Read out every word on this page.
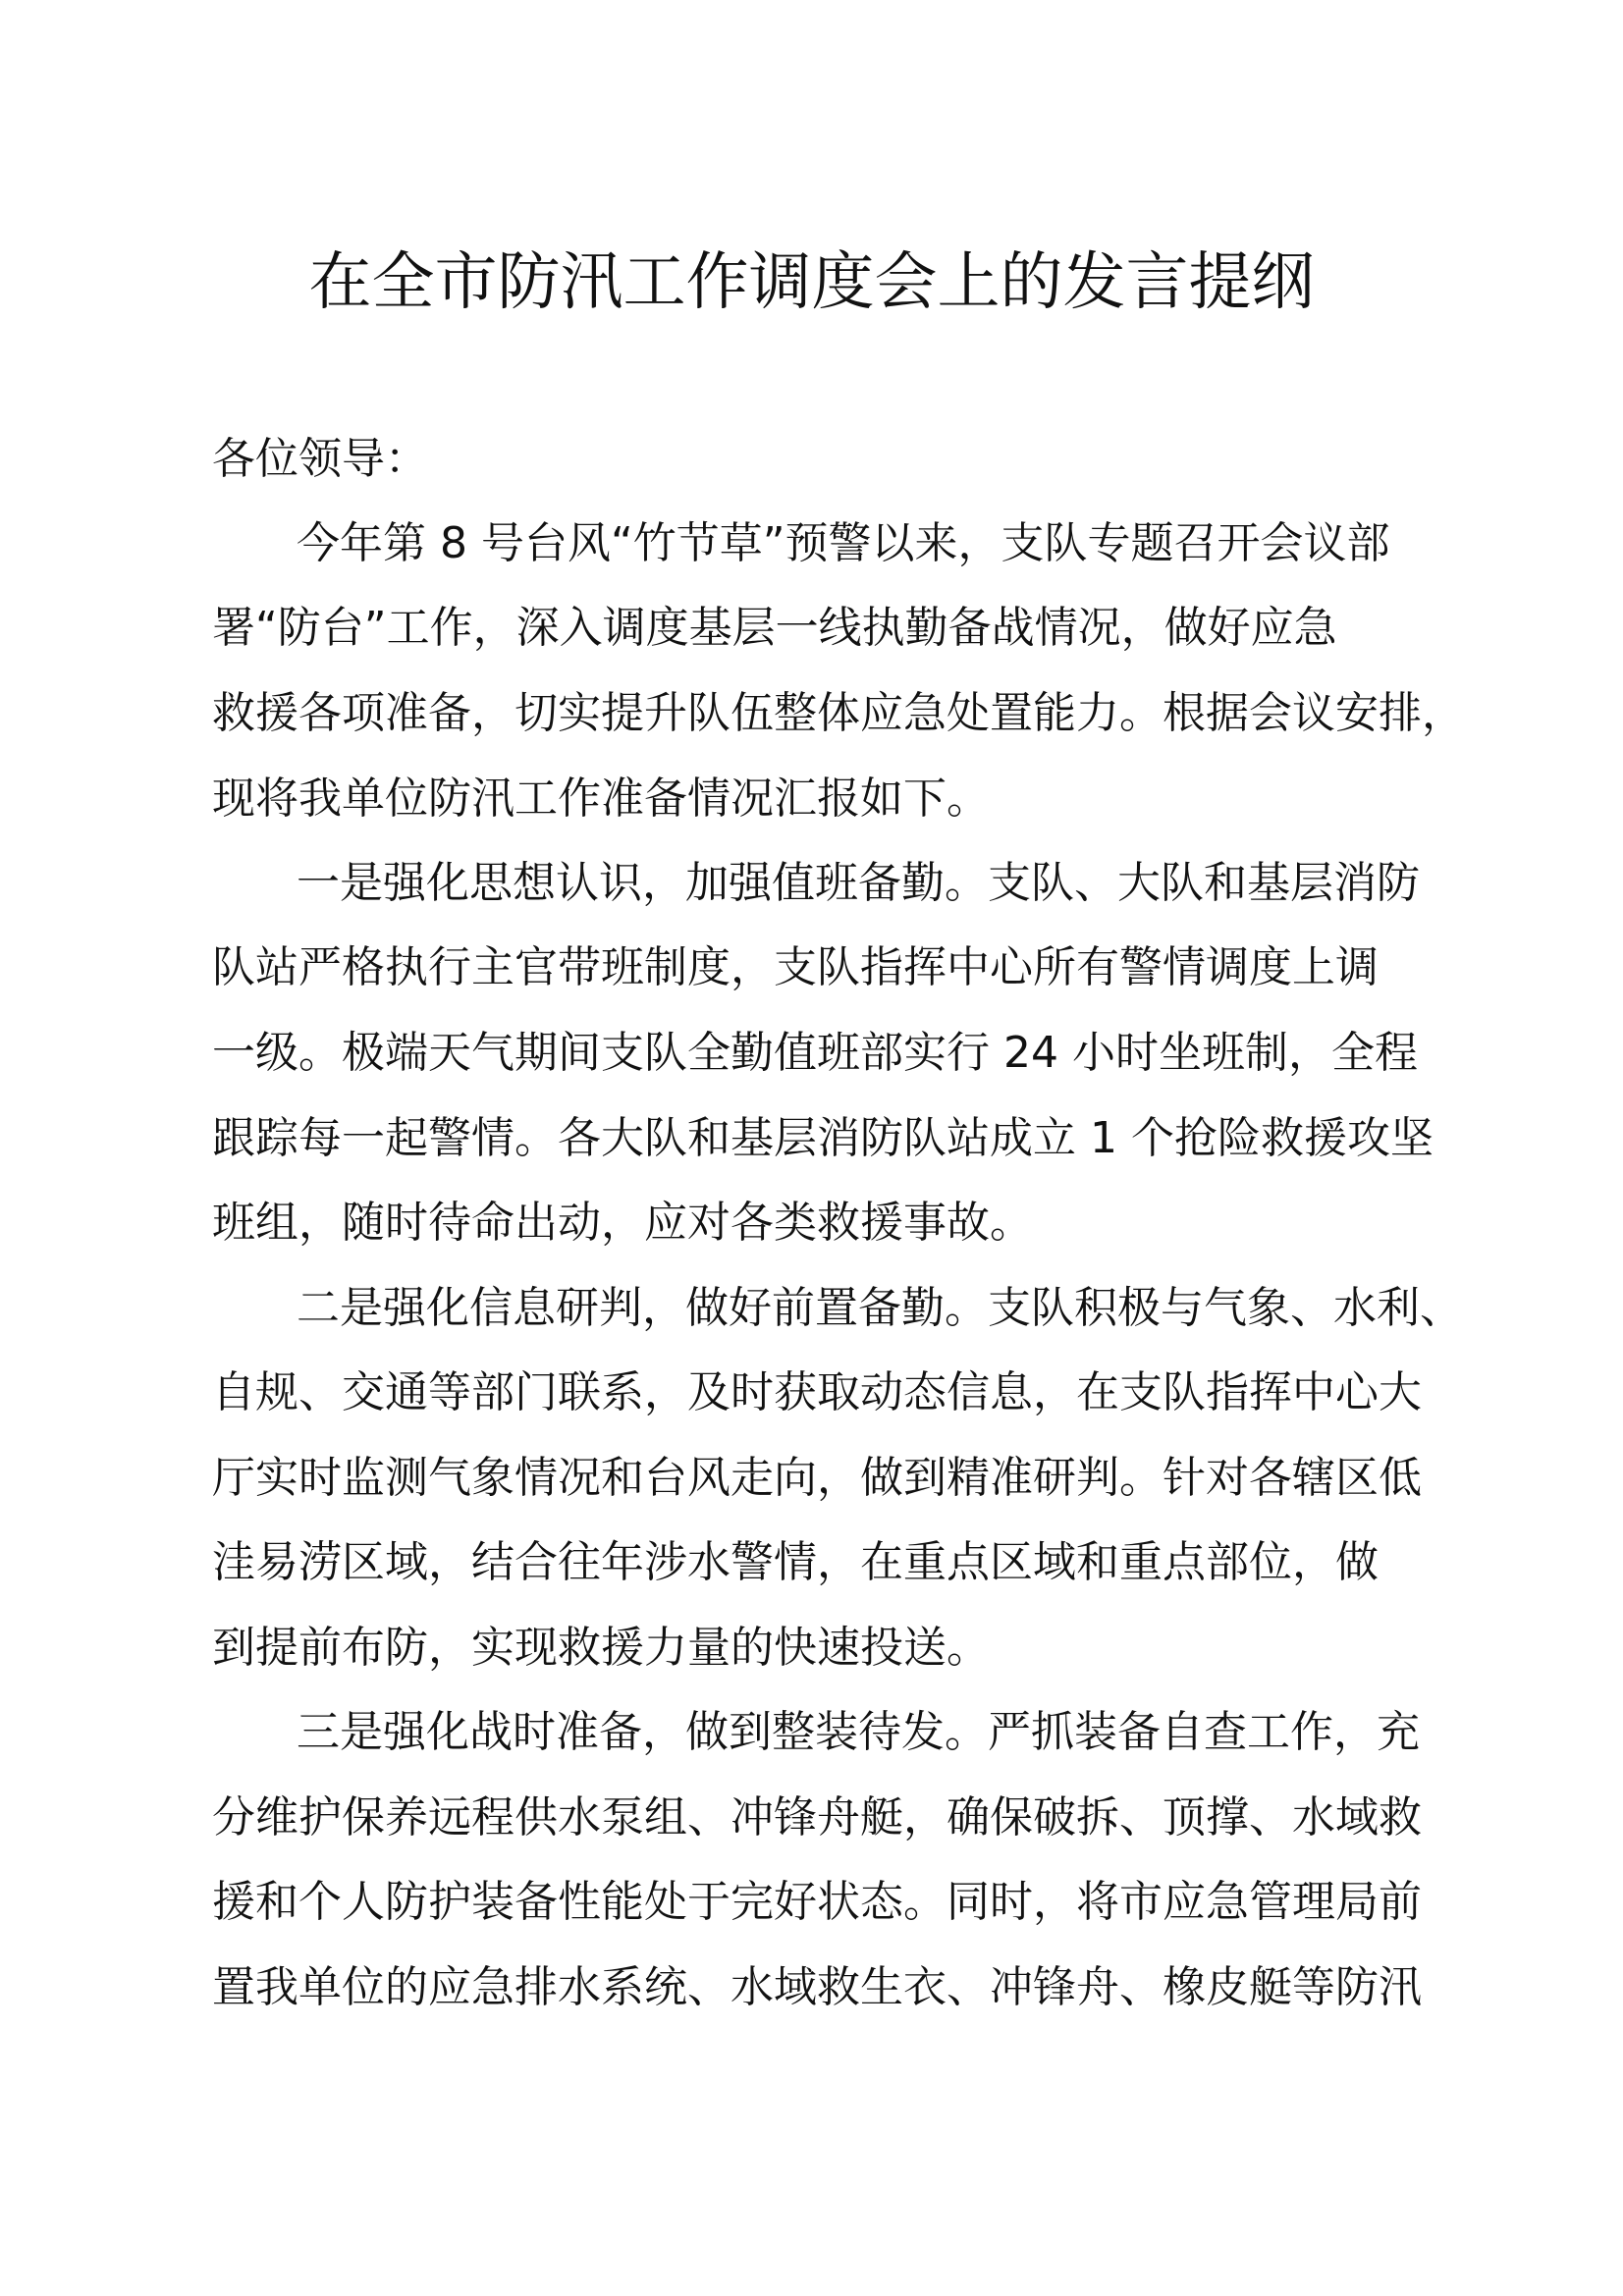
在全市防汛工作调度会上的发言提纲

各位领导：

今年第 8 号台风“竹节草”预警以来，支队专题召开会议部

署“防台”工作，深入调度基层一线执勤备战情况，做好应急

救援各项准备，切实提升队伍整体应急处置能力。根据会议安排，

现将我单位防汛工作准备情况汇报如下。

一是强化思想认识，加强值班备勤。支队、大队和基层消防

队站严格执行主官带班制度，支队指挥中心所有警情调度上调

一级。极端天气期间支队全勤值班部实行 24 小时坐班制，全程

跟踪每一起警情。各大队和基层消防队站成立 1 个抢险救援攻坚

班组，随时待命出动，应对各类救援事故。

二是强化信息研判，做好前置备勤。支队积极与气象、水利、

自规、交通等部门联系，及时获取动态信息，在支队指挥中心大

厅实时监测气象情况和台风走向，做到精准研判。针对各辖区低

洼易涝区域，结合往年涉水警情，在重点区域和重点部位，做

到提前布防，实现救援力量的快速投送。

三是强化战时准备，做到整装待发。严抓装备自查工作，充

分维护保养远程供水泵组、冲锋舟艇，确保破拆、顶撑、水域救

援和个人防护装备性能处于完好状态。同时，将市应急管理局前

置我单位的应急排水系统、水域救生衣、冲锋舟、橡皮艇等防汛
